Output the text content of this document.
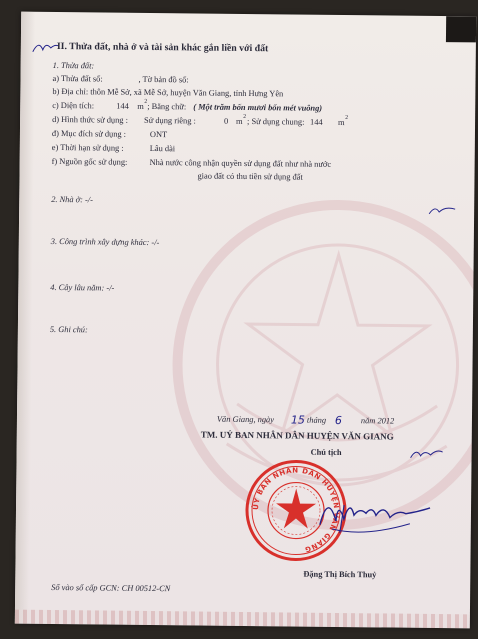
II. Thửa đất, nhà ở và tài sản khác gắn liền với đất
1. Thửa đất:
a) Thửa đất số:	, Tờ bản đồ số:
b) Địa chỉ: thôn Mễ Sở, xã Mễ Sở, huyện Văn Giang, tỉnh Hưng Yên
c) Diện tích:	144 m 2
; Bằng chữ: ( Một trăm bốn mươi bốn mét vuông)
d) Hình thức sử dụng : Sử dụng riêng :	0 m 2
; Sử dụng chung: 144 m 2
đ) Mục đích sử dụng :	ONT
e) Thời hạn sử dụng :	Lâu dài
f) Nguồn gốc sử dụng:	Nhà nước công nhận quyền sử dụng đất như nhà nước
giao đất có thu tiền sử dụng đất
2. Nhà ở: -/-
3. Công trình xây dựng khác: -/-
4. Cây lâu năm: -/-
5. Ghi chú:
Văn Giang, ngày 15 tháng 6 năm 2012
TM. UỶ BAN NHÂN DÂN HUYỆN VĂN GIANG
Chủ tịch
ỦY BAN NHÂN DÂN HUYỆN VĂN GIANG
Đặng Thị Bích Thuỷ
Số vào sổ cấp GCN: CH 00512-CN
